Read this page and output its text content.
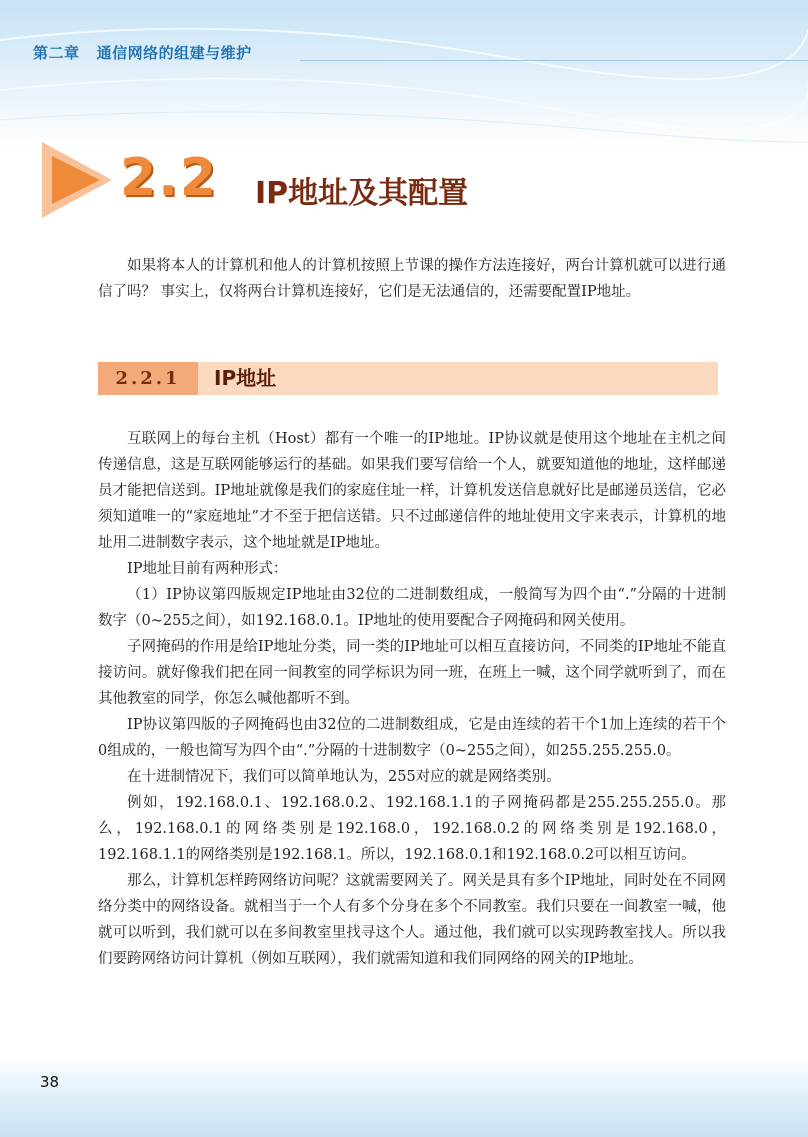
第二章   通信网络的组建与维护
2.2 IP地址及其配置

如果将本人的计算机和他人的计算机按照上节课的操作方法连接好，两台计算机就可以进行通信了吗？ 事实上，仅将两台计算机连接好，它们是无法通信的，还需要配置IP地址。

2.2.1	IP地址

互联网上的每台主机（Host）都有一个唯一的IP地址。IP协议就是使用这个地址在主机之间传递信息，这是互联网能够运行的基础。如果我们要写信给一个人，就要知道他的地址，这样邮递员才能把信送到。IP地址就像是我们的家庭住址一样，计算机发送信息就好比是邮递员送信，它必须知道唯一的“家庭地址”才不至于把信送错。只不过邮递信件的地址使用文字来表示，计算机的地址用二进制数字表示，这个地址就是IP地址。

IP地址目前有两种形式：

（1）IP协议第四版规定IP地址由32位的二进制数组成，一般简写为四个由“.”分隔的十进制数字（0~255之间），如192.168.0.1。IP地址的使用要配合子网掩码和网关使用。

子网掩码的作用是给IP地址分类，同一类的IP地址可以相互直接访问，不同类的IP地址不能直接访问。就好像我们把在同一间教室的同学标识为同一班，在班上一喊，这个同学就听到了，而在其他教室的同学，你怎么喊他都听不到。

IP协议第四版的子网掩码也由32位的二进制数组成，它是由连续的若干个1加上连续的若干个0组成的，一般也简写为四个由“.”分隔的十进制数字（0~255之间），如255.255.255.0。

在十进制情况下，我们可以简单地认为，255对应的就是网络类别。

例如，192.168.0.1、192.168.0.2、192.168.1.1的子网掩码都是255.255.255.0。那么，192.168.0.1的网络类别是192.168.0，192.168.0.2的网络类别是192.168.0，192.168.1.1的网络类别是192.168.1。所以，192.168.0.1和192.168.0.2可以相互访问。

那么，计算机怎样跨网络访问呢？这就需要网关了。网关是具有多个IP地址，同时处在不同网络分类中的网络设备。就相当于一个人有多个分身在多个不同教室。我们只要在一间教室一喊，他就可以听到，我们就可以在多间教室里找寻这个人。通过他，我们就可以实现跨教室找人。所以我们要跨网络访问计算机（例如互联网），我们就需知道和我们同网络的网关的IP地址。

38
